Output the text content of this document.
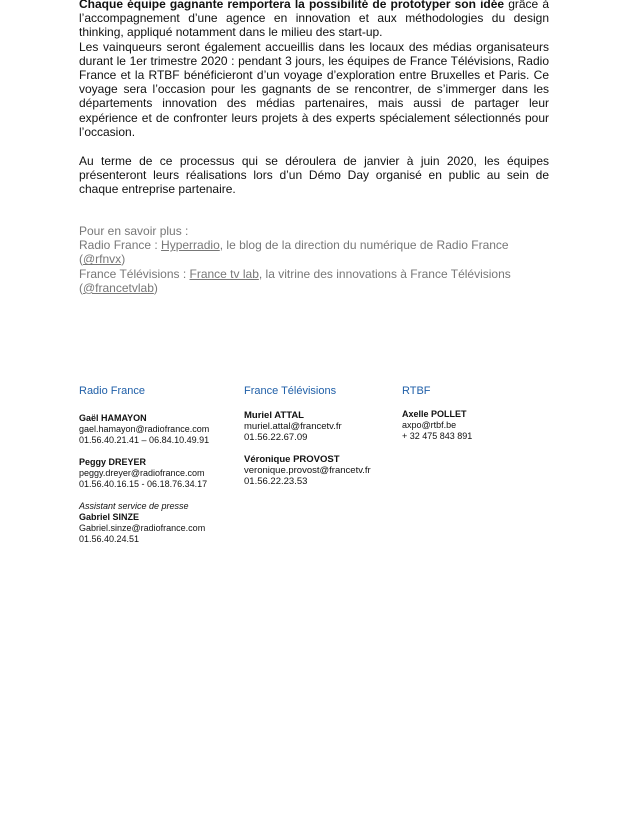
Chaque équipe gagnante remportera la possibilité de prototyper son idée grâce à l’accompagnement d’une agence en innovation et aux méthodologies du design thinking, appliqué notamment dans le milieu des start-up.

Les vainqueurs seront également accueillis dans les locaux des médias organisateurs durant le 1er trimestre 2020 : pendant 3 jours, les équipes de France Télévisions, Radio France et la RTBF bénéficieront d’un voyage d’exploration entre Bruxelles et Paris. Ce voyage sera l’occasion pour les gagnants de se rencontrer, de s’immerger dans les départements innovation des médias partenaires, mais aussi de partager leur expérience et de confronter leurs projets à des experts spécialement sélectionnés pour l’occasion.

Au terme de ce processus qui se déroulera de janvier à juin 2020, les équipes présenteront leurs réalisations lors d’un Démo Day organisé en public au sein de chaque entreprise partenaire.

Pour en savoir plus :
Radio France : Hyperradio, le blog de la direction du numérique de Radio France
(@rfnvx)
France Télévisions : France tv lab, la vitrine des innovations à France Télévisions
(@francetvlab)
Radio France
Gaël HAMAYON
gael.hamayon@radiofrance.com
01.56.40.21.41 – 06.84.10.49.91
Peggy DREYER
peggy.dreyer@radiofrance.com
01.56.40.16.15 - 06.18.76.34.17
Assistant service de presse
Gabriel SINZE
Gabriel.sinze@radiofrance.com
01.56.40.24.51
France Télévisions
Muriel ATTAL
muriel.attal@francetv.fr
01.56.22.67.09
Véronique PROVOST
veronique.provost@francetv.fr
01.56.22.23.53
RTBF
Axelle POLLET
axpo@rtbf.be
+ 32 475 843 891
